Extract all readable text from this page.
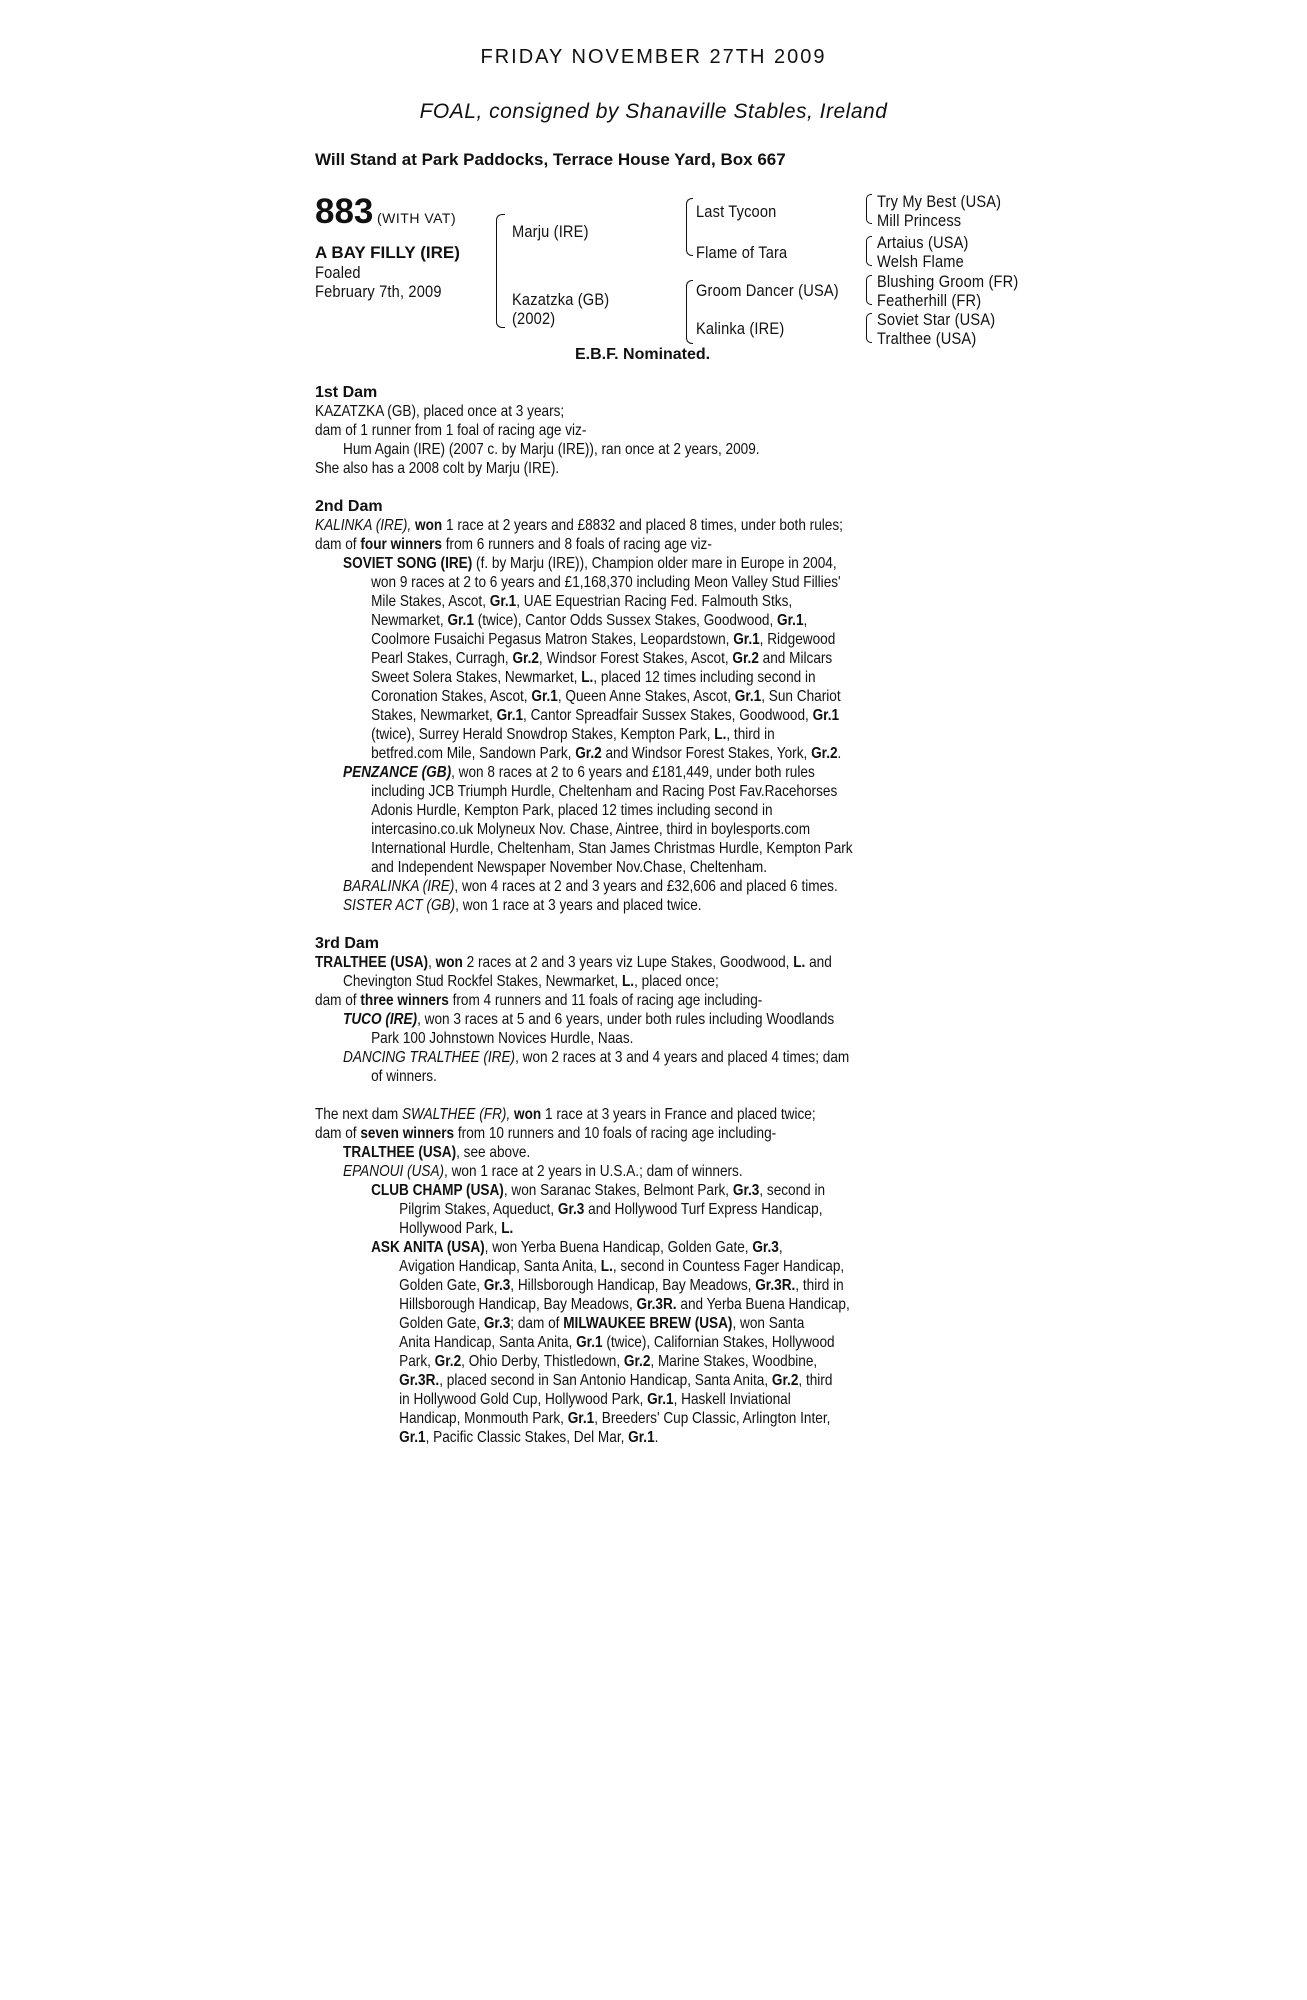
FRIDAY NOVEMBER 27TH 2009
FOAL, consigned by Shanaville Stables, Ireland
Will Stand at Park Paddocks, Terrace House Yard, Box 667
883 (WITH VAT)
A BAY FILLY (IRE)
Foaled
February 7th, 2009
Marju (IRE)
Kazatzka (GB)
(2002)
Last Tycoon
Flame of Tara
Groom Dancer (USA)
Kalinka (IRE)
Try My Best (USA)
Mill Princess
Artaius (USA)
Welsh Flame
Blushing Groom (FR)
Featherhill (FR)
Soviet Star (USA)
Tralthee (USA)
E.B.F. Nominated.
1st Dam
KAZATZKA (GB), placed once at 3 years;
dam of 1 runner from 1 foal of racing age viz-
Hum Again (IRE) (2007 c. by Marju (IRE)), ran once at 2 years, 2009.
She also has a 2008 colt by Marju (IRE).
2nd Dam
KALINKA (IRE), won 1 race at 2 years and £8832 and placed 8 times, under both rules;
dam of four winners from 6 runners and 8 foals of racing age viz-
SOVIET SONG (IRE) (f. by Marju (IRE)), Champion older mare in Europe in 2004,
won 9 races at 2 to 6 years and £1,168,370 including Meon Valley Stud Fillies'
Mile Stakes, Ascot, Gr.1, UAE Equestrian Racing Fed. Falmouth Stks,
Newmarket, Gr.1 (twice), Cantor Odds Sussex Stakes, Goodwood, Gr.1,
Coolmore Fusaichi Pegasus Matron Stakes, Leopardstown, Gr.1, Ridgewood
Pearl Stakes, Curragh, Gr.2, Windsor Forest Stakes, Ascot, Gr.2 and Milcars
Sweet Solera Stakes, Newmarket, L., placed 12 times including second in
Coronation Stakes, Ascot, Gr.1, Queen Anne Stakes, Ascot, Gr.1, Sun Chariot
Stakes, Newmarket, Gr.1, Cantor Spreadfair Sussex Stakes, Goodwood, Gr.1
(twice), Surrey Herald Snowdrop Stakes, Kempton Park, L., third in
betfred.com Mile, Sandown Park, Gr.2 and Windsor Forest Stakes, York, Gr.2.
PENZANCE (GB), won 8 races at 2 to 6 years and £181,449, under both rules
including JCB Triumph Hurdle, Cheltenham and Racing Post Fav.Racehorses
Adonis Hurdle, Kempton Park, placed 12 times including second in
intercasino.co.uk Molyneux Nov. Chase, Aintree, third in boylesports.com
International Hurdle, Cheltenham, Stan James Christmas Hurdle, Kempton Park
and Independent Newspaper November Nov.Chase, Cheltenham.
BARALINKA (IRE), won 4 races at 2 and 3 years and £32,606 and placed 6 times.
SISTER ACT (GB), won 1 race at 3 years and placed twice.
3rd Dam
TRALTHEE (USA), won 2 races at 2 and 3 years viz Lupe Stakes, Goodwood, L. and
Chevington Stud Rockfel Stakes, Newmarket, L., placed once;
dam of three winners from 4 runners and 11 foals of racing age including-
TUCO (IRE), won 3 races at 5 and 6 years, under both rules including Woodlands
Park 100 Johnstown Novices Hurdle, Naas.
DANCING TRALTHEE (IRE), won 2 races at 3 and 4 years and placed 4 times; dam
of winners.
The next dam SWALTHEE (FR), won 1 race at 3 years in France and placed twice;
dam of seven winners from 10 runners and 10 foals of racing age including-
TRALTHEE (USA), see above.
EPANOUI (USA), won 1 race at 2 years in U.S.A.; dam of winners.
CLUB CHAMP (USA), won Saranac Stakes, Belmont Park, Gr.3, second in
Pilgrim Stakes, Aqueduct, Gr.3 and Hollywood Turf Express Handicap,
Hollywood Park, L.
ASK ANITA (USA), won Yerba Buena Handicap, Golden Gate, Gr.3,
Avigation Handicap, Santa Anita, L., second in Countess Fager Handicap,
Golden Gate, Gr.3, Hillsborough Handicap, Bay Meadows, Gr.3R., third in
Hillsborough Handicap, Bay Meadows, Gr.3R. and Yerba Buena Handicap,
Golden Gate, Gr.3; dam of MILWAUKEE BREW (USA), won Santa
Anita Handicap, Santa Anita, Gr.1 (twice), Californian Stakes, Hollywood
Park, Gr.2, Ohio Derby, Thistledown, Gr.2, Marine Stakes, Woodbine,
Gr.3R., placed second in San Antonio Handicap, Santa Anita, Gr.2, third
in Hollywood Gold Cup, Hollywood Park, Gr.1, Haskell Inviational
Handicap, Monmouth Park, Gr.1, Breeders' Cup Classic, Arlington Inter,
Gr.1, Pacific Classic Stakes, Del Mar, Gr.1.
